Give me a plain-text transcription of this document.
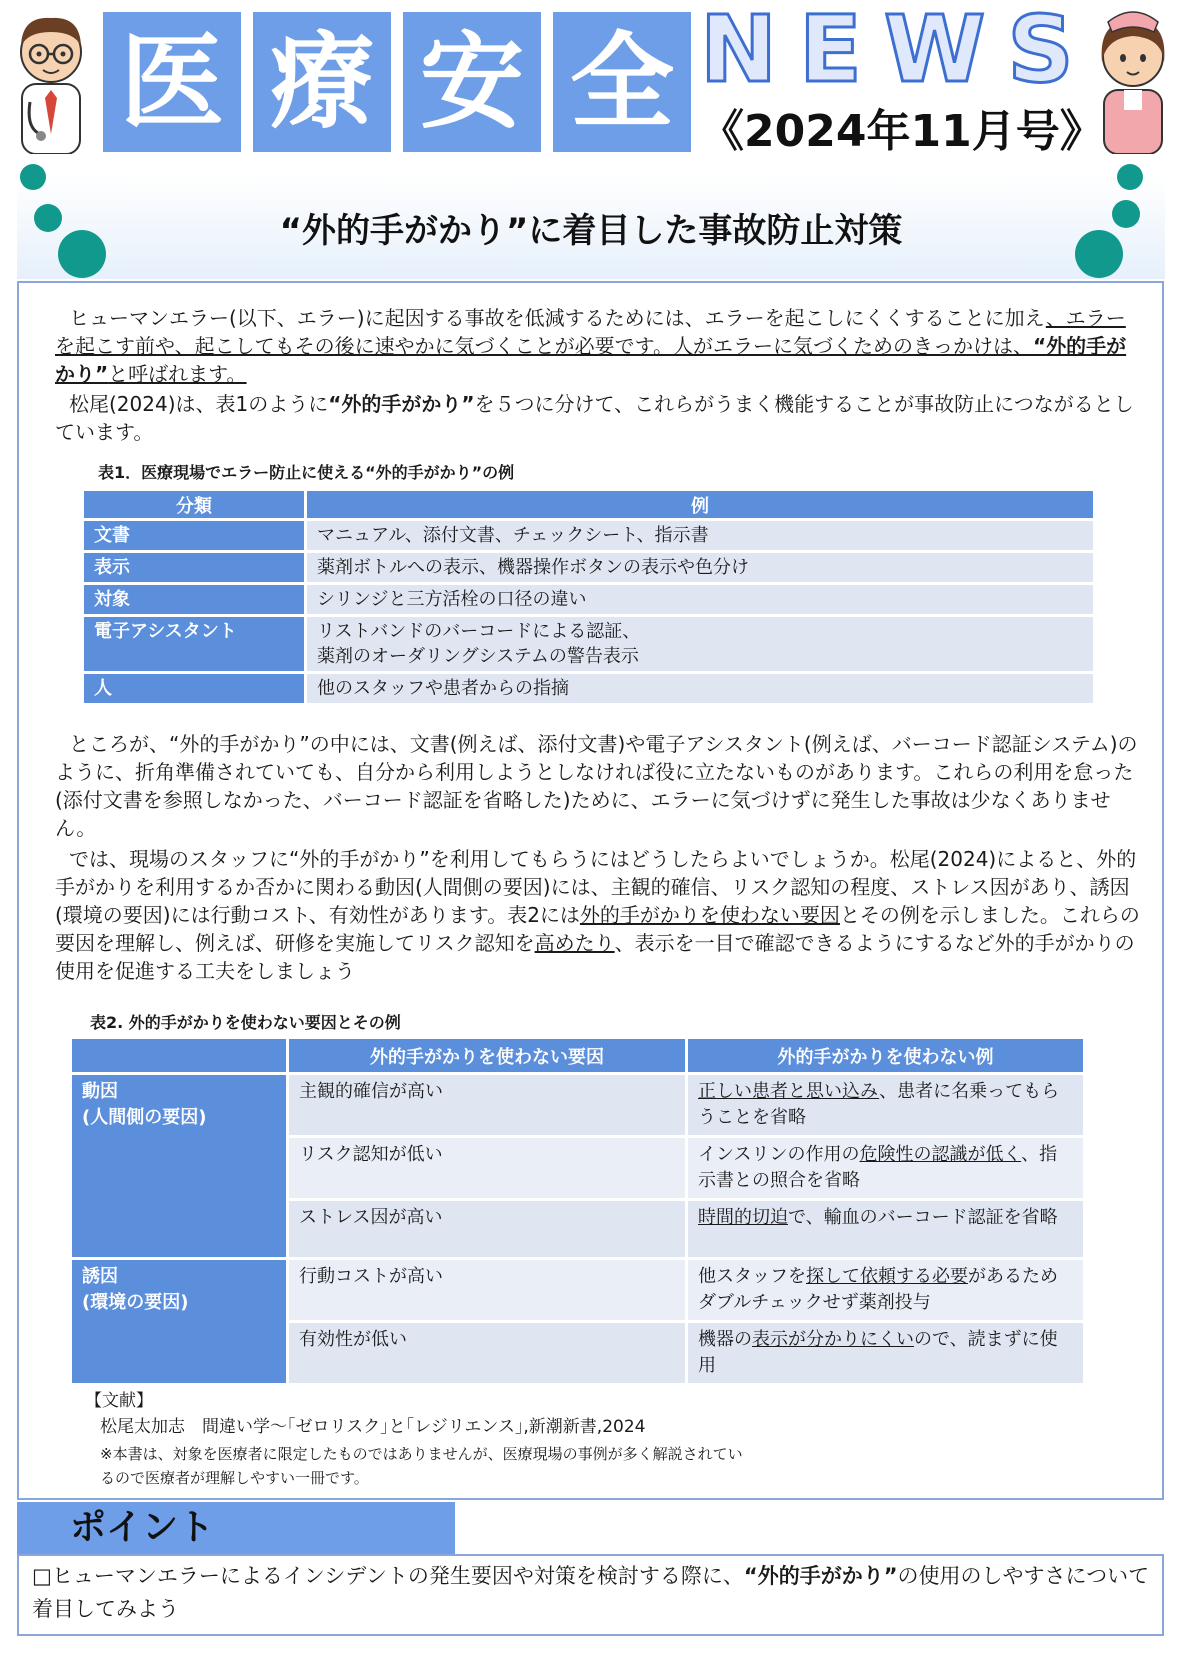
医 療 安 全 NEWS
《2024年11月号》
“外的手がかり”に着目した事故防止対策
ヒューマンエラー(以下、エラー)に起因する事故を低減するためには、エラーを起こしにくくすることに加え、エラーを起こす前や、起こしてもその後に速やかに気づくことが必要です。人がエラーに気づくためのきっかけは、“外的手がかり”と呼ばれます。
松尾(2024)は、表1のように“外的手がかり”を５つに分けて、これらがうまく機能することが事故防止につながるとしています。
表1．医療現場でエラー防止に使える“外的手がかり”の例
分類	例
文書	マニュアル、添付文書、チェックシート、指示書
表示	薬剤ボトルへの表示、機器操作ボタンの表示や色分け
対象	シリンジと三方活栓の口径の違い
電子アシスタント	リストバンドのバーコードによる認証、
薬剤のオーダリングシステムの警告表示

人	他のスタッフや患者からの指摘
ところが、“外的手がかり”の中には、文書(例えば、添付文書)や電子アシスタント(例えば、バーコード認証システム)のように、折角準備されていても、自分から利用しようとしなければ役に立たないものがあります。これらの利用を怠った(添付文書を参照しなかった、バーコード認証を省略した)ために、エラーに気づけずに発生した事故は少なくありません。
では、現場のスタッフに“外的手がかり”を利用してもらうにはどうしたらよいでしょうか。松尾(2024)によると、外的手がかりを利用するか否かに関わる動因(人間側の要因)には、主観的確信、リスク認知の程度、ストレス因があり、誘因(環境の要因)には行動コスト、有効性があります。表2には外的手がかりを使わない要因とその例を示しました。これらの要因を理解し、例えば、研修を実施してリスク認知を高めたり、表示を一目で確認できるようにするなど外的手がかりの使用を促進する工夫をしましょう
表2. 外的手がかりを使わない要因とその例
	外的手がかりを使わない要因	外的手がかりを使わない例

動因
(人間側の要因)	主観的確信が高い	正しい患者と思い込み、患者に名乗ってもらうことを省略
	リスク認知が低い	インスリンの作用の危険性の認識が低く、指示書との照合を省略
	ストレス因が高い	時間的切迫で、輸血のバーコード認証を省略

誘因
(環境の要因)	行動コストが高い	他スタッフを探して依頼する必要があるためダブルチェックせず薬剤投与
	有効性が低い	機器の表示が分かりにくいので、読まずに使用
【文献】
松尾太加志　間違い学～｢ゼロリスク｣と｢レジリエンス｣,新潮新書,2024
※本書は、対象を医療者に限定したものではありませんが、医療現場の事例が多く解説されてい
るので医療者が理解しやすい一冊です。
ポイント
□ヒューマンエラーによるインシデントの発生要因や対策を検討する際に、“外的手がかり”の使用のしやすさについて着目してみよう
